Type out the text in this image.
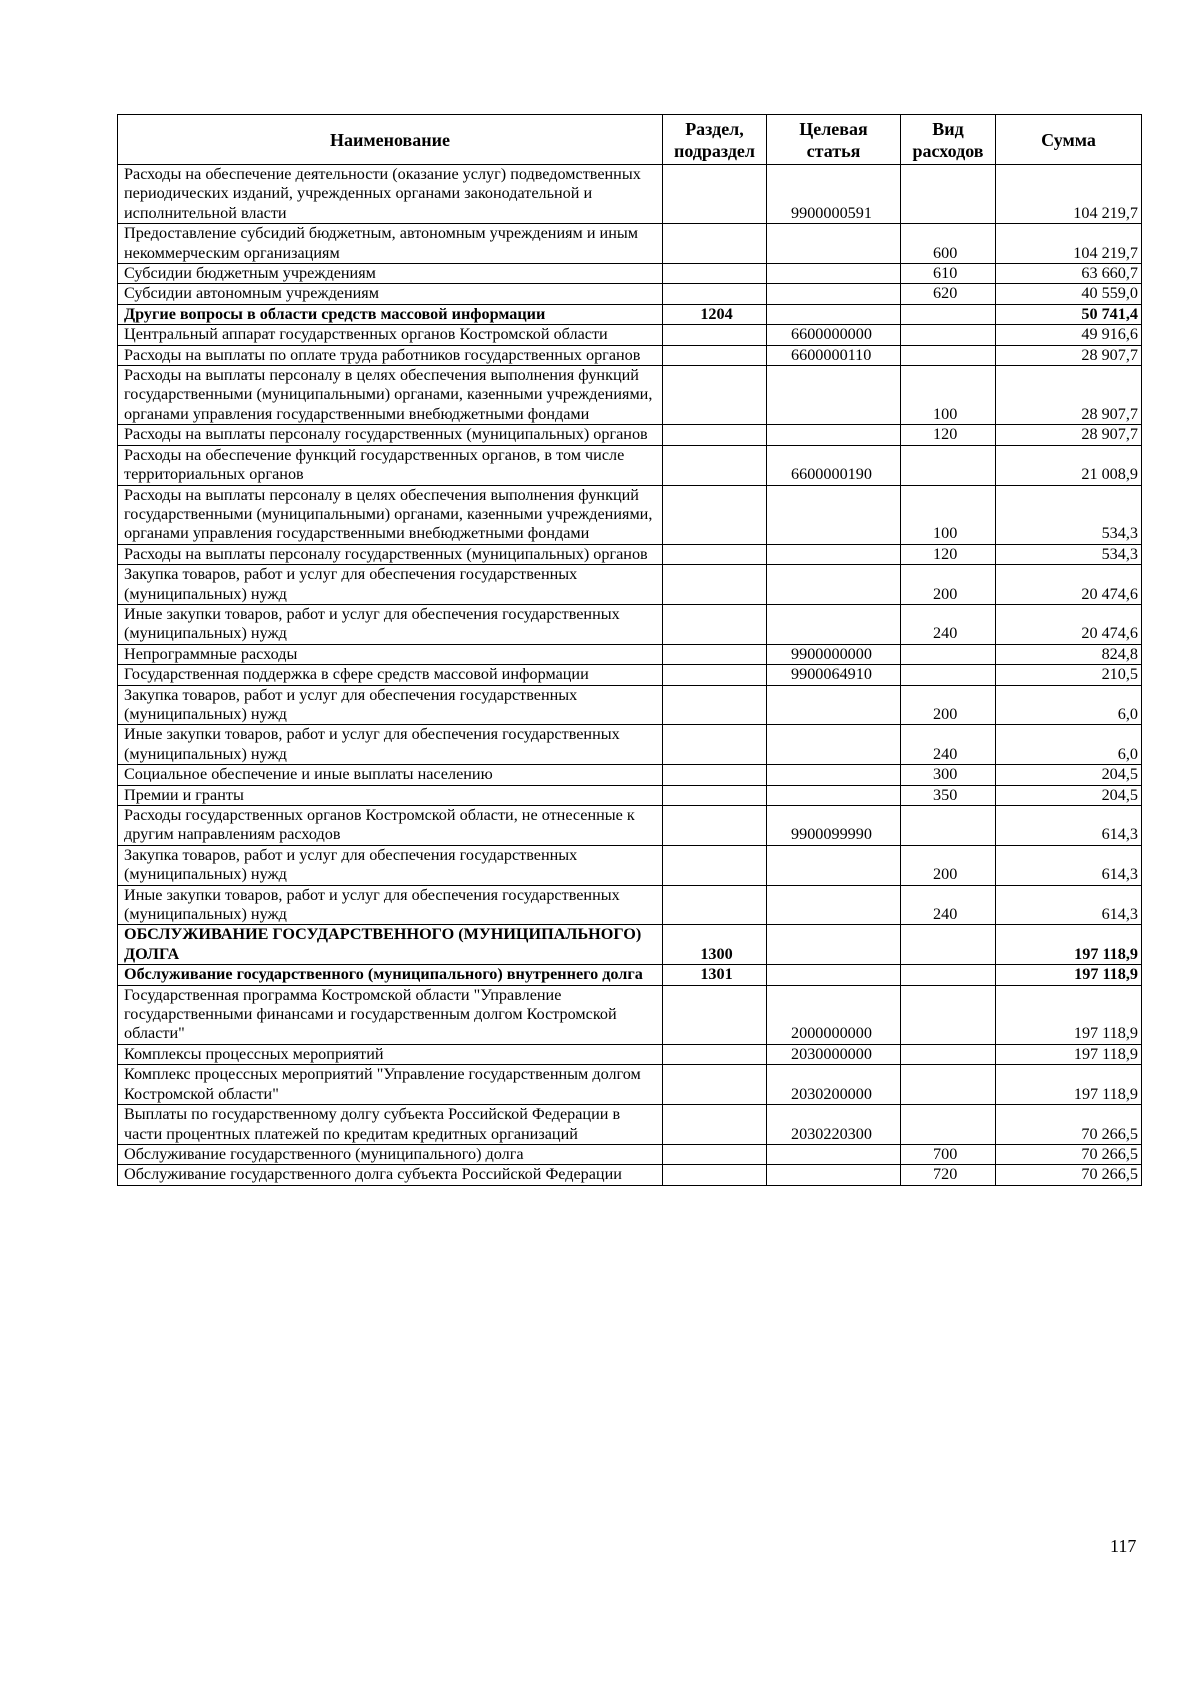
Наименование	Раздел, подраздел	Целевая статья	Вид расходов	Сумма
Расходы на обеспечение деятельности (оказание услуг) подведомственных периодических изданий, учрежденных органами законодательной и исполнительной власти		9900000591		104 219,7
Предоставление субсидий бюджетным, автономным учреждениям и иным некоммерческим организациям			600	104 219,7
Субсидии бюджетным учреждениям			610	63 660,7
Субсидии автономным учреждениям			620	40 559,0
Другие вопросы в области средств массовой информации	1204			50 741,4
Центральный аппарат государственных органов Костромской области		6600000000		49 916,6
Расходы на выплаты по оплате труда работников государственных органов		6600000110		28 907,7
Расходы на выплаты персоналу в целях обеспечения выполнения функций государственными (муниципальными) органами, казенными учреждениями, органами управления государственными внебюджетными фондами			100	28 907,7
Расходы на выплаты персоналу государственных (муниципальных) органов			120	28 907,7
Расходы на обеспечение функций государственных органов, в том числе территориальных органов		6600000190		21 008,9
Расходы на выплаты персоналу в целях обеспечения выполнения функций государственными (муниципальными) органами, казенными учреждениями, органами управления государственными внебюджетными фондами			100	534,3
Расходы на выплаты персоналу государственных (муниципальных) органов			120	534,3
Закупка товаров, работ и услуг для обеспечения государственных (муниципальных) нужд			200	20 474,6
Иные закупки товаров, работ и услуг для обеспечения государственных (муниципальных) нужд			240	20 474,6
Непрограммные расходы		9900000000		824,8
Государственная поддержка в сфере средств массовой информации		9900064910		210,5
Закупка товаров, работ и услуг для обеспечения государственных (муниципальных) нужд			200	6,0
Иные закупки товаров, работ и услуг для обеспечения государственных (муниципальных) нужд			240	6,0
Социальное обеспечение и иные выплаты населению			300	204,5
Премии и гранты			350	204,5
Расходы государственных органов Костромской области, не отнесенные к другим направлениям расходов		9900099990		614,3
Закупка товаров, работ и услуг для обеспечения государственных (муниципальных) нужд			200	614,3
Иные закупки товаров, работ и услуг для обеспечения государственных (муниципальных) нужд			240	614,3
ОБСЛУЖИВАНИЕ ГОСУДАРСТВЕННОГО (МУНИЦИПАЛЬНОГО) ДОЛГА	1300			197 118,9
Обслуживание государственного (муниципального) внутреннего долга	1301			197 118,9
Государственная программа Костромской области "Управление государственными финансами и государственным долгом Костромской области"		2000000000		197 118,9
Комплексы процессных мероприятий		2030000000		197 118,9
Комплекс процессных мероприятий "Управление государственным долгом Костромской области"		2030200000		197 118,9
Выплаты по государственному долгу субъекта Российской Федерации в части процентных платежей по кредитам кредитных организаций		2030220300		70 266,5
Обслуживание государственного (муниципального) долга			700	70 266,5
Обслуживание государственного долга субъекта Российской Федерации			720	70 266,5
117
